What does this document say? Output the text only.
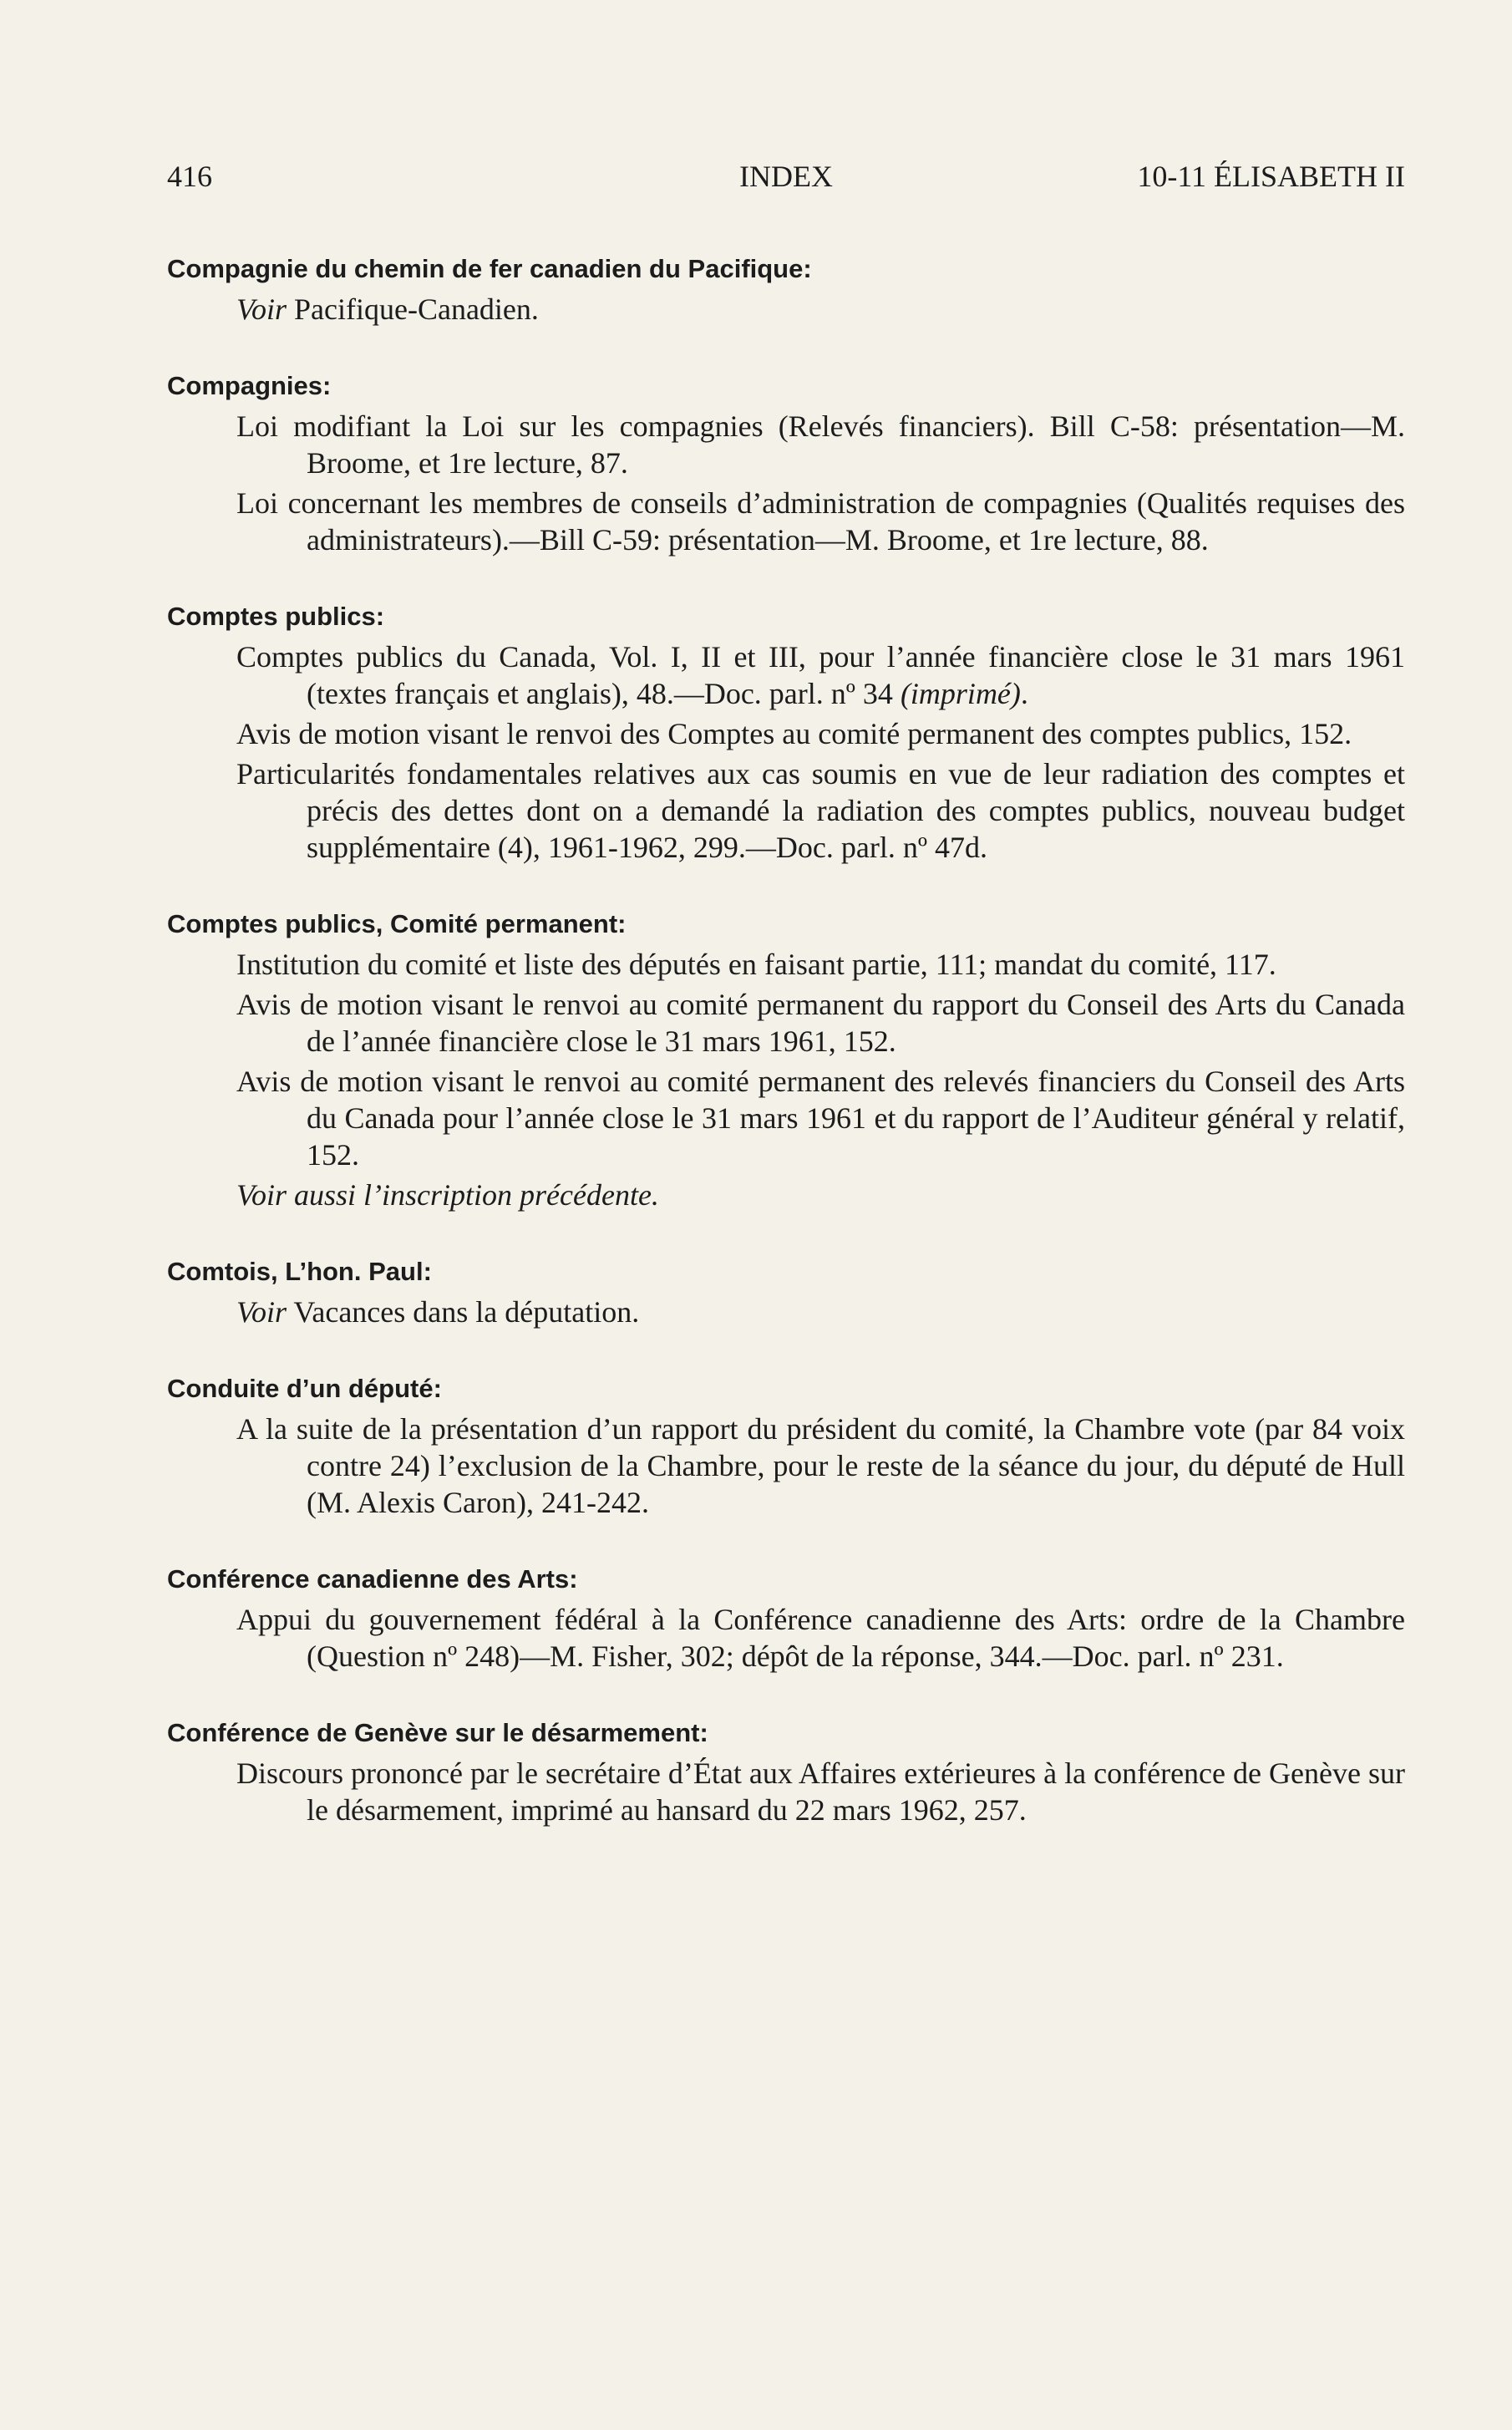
416	INDEX	10-11 ÉLISABETH II
Compagnie du chemin de fer canadien du Pacifique:
Voir Pacifique-Canadien.
Compagnies:
Loi modifiant la Loi sur les compagnies (Relevés financiers). Bill C-58: présentation—M. Broome, et 1re lecture, 87.
Loi concernant les membres de conseils d’administration de compagnies (Qualités requises des administrateurs).—Bill C-59: présentation—M. Broome, et 1re lecture, 88.
Comptes publics:
Comptes publics du Canada, Vol. I, II et III, pour l’année financière close le 31 mars 1961 (textes français et anglais), 48.—Doc. parl. nº 34 (imprimé).
Avis de motion visant le renvoi des Comptes au comité permanent des comptes publics, 152.
Particularités fondamentales relatives aux cas soumis en vue de leur radiation des comptes et précis des dettes dont on a demandé la radiation des comptes publics, nouveau budget supplémentaire (4), 1961-1962, 299.—Doc. parl. nº 47d.
Comptes publics, Comité permanent:
Institution du comité et liste des députés en faisant partie, 111; mandat du comité, 117.
Avis de motion visant le renvoi au comité permanent du rapport du Conseil des Arts du Canada de l’année financière close le 31 mars 1961, 152.
Avis de motion visant le renvoi au comité permanent des relevés financiers du Conseil des Arts du Canada pour l’année close le 31 mars 1961 et du rapport de l’Auditeur général y relatif, 152.
Voir aussi l’inscription précédente.
Comtois, L’hon. Paul:
Voir Vacances dans la députation.
Conduite d’un député:
A la suite de la présentation d’un rapport du président du comité, la Chambre vote (par 84 voix contre 24) l’exclusion de la Chambre, pour le reste de la séance du jour, du député de Hull (M. Alexis Caron), 241-242.
Conférence canadienne des Arts:
Appui du gouvernement fédéral à la Conférence canadienne des Arts: ordre de la Chambre (Question nº 248)—M. Fisher, 302; dépôt de la réponse, 344.—Doc. parl. nº 231.
Conférence de Genève sur le désarmement:
Discours prononcé par le secrétaire d’État aux Affaires extérieures à la conférence de Genève sur le désarmement, imprimé au hansard du 22 mars 1962, 257.
